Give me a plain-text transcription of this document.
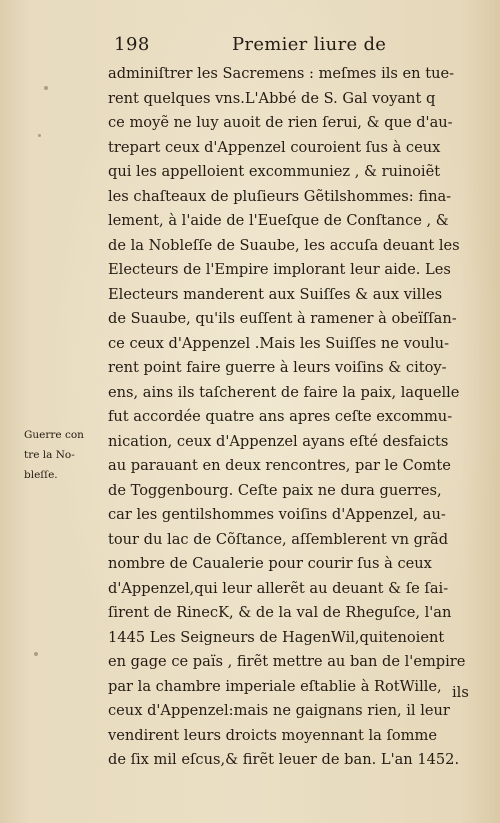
198	Premier liure de
adminiſtrer les Sacremens : meſmes ils en tue-
rent quelques vns.L'Abbé de S. Gal voyant q
ce moyẽ ne luy auoit de rien ſerui, & que d'au-
trepart ceux d'Appenzel couroient ſus à ceux
qui les appelloient excommuniez , & ruinoiẽt
les chaſteaux de pluſieurs Gẽtilshommes: fina-
lement, à l'aide de l'Eueſque de Conſtance , &
de la Nobleſſe de Suaube, les accuſa deuant les
Electeurs de l'Empire implorant leur aide. Les
Electeurs manderent aux Suiſſes & aux villes
de Suaube, qu'ils euſſent à ramener à obeïſſan-
ce ceux d'Appenzel .Mais les Suiſſes ne voulu-
rent point faire guerre à leurs voiſins & citoy-
ens, ains ils taſcherent de faire la paix, laquelle
fut accordée quatre ans apres ceſte excommu-
nication, ceux d'Appenzel ayans eſté desfaicts
au parauant en deux rencontres, par le Comte
de Toggenbourg. Ceſte paix ne dura guerres,
car les gentilshommes voiſins d'Appenzel, au-
tour du lac de Cõſtance, aſſemblerent vn grãd
nombre de Caualerie pour courir ſus à ceux
d'Appenzel,qui leur allerẽt au deuant & ſe ſai-
ſirent de RinecK, & de la val de Rheguſce, l'an
1445 Les Seigneurs de HagenWil,quitenoient
en gage ce païs , firẽt mettre au ban de l'empire
par la chambre imperiale eſtablie à RotWille,
ceux d'Appenzel:mais ne gaignans rien, il leur
vendirent leurs droicts moyennant la ſomme
de ſix mil eſcus,& firẽt leuer de ban. L'an 1452.
Guerre con
tre la No-
bleſſe.
ils
